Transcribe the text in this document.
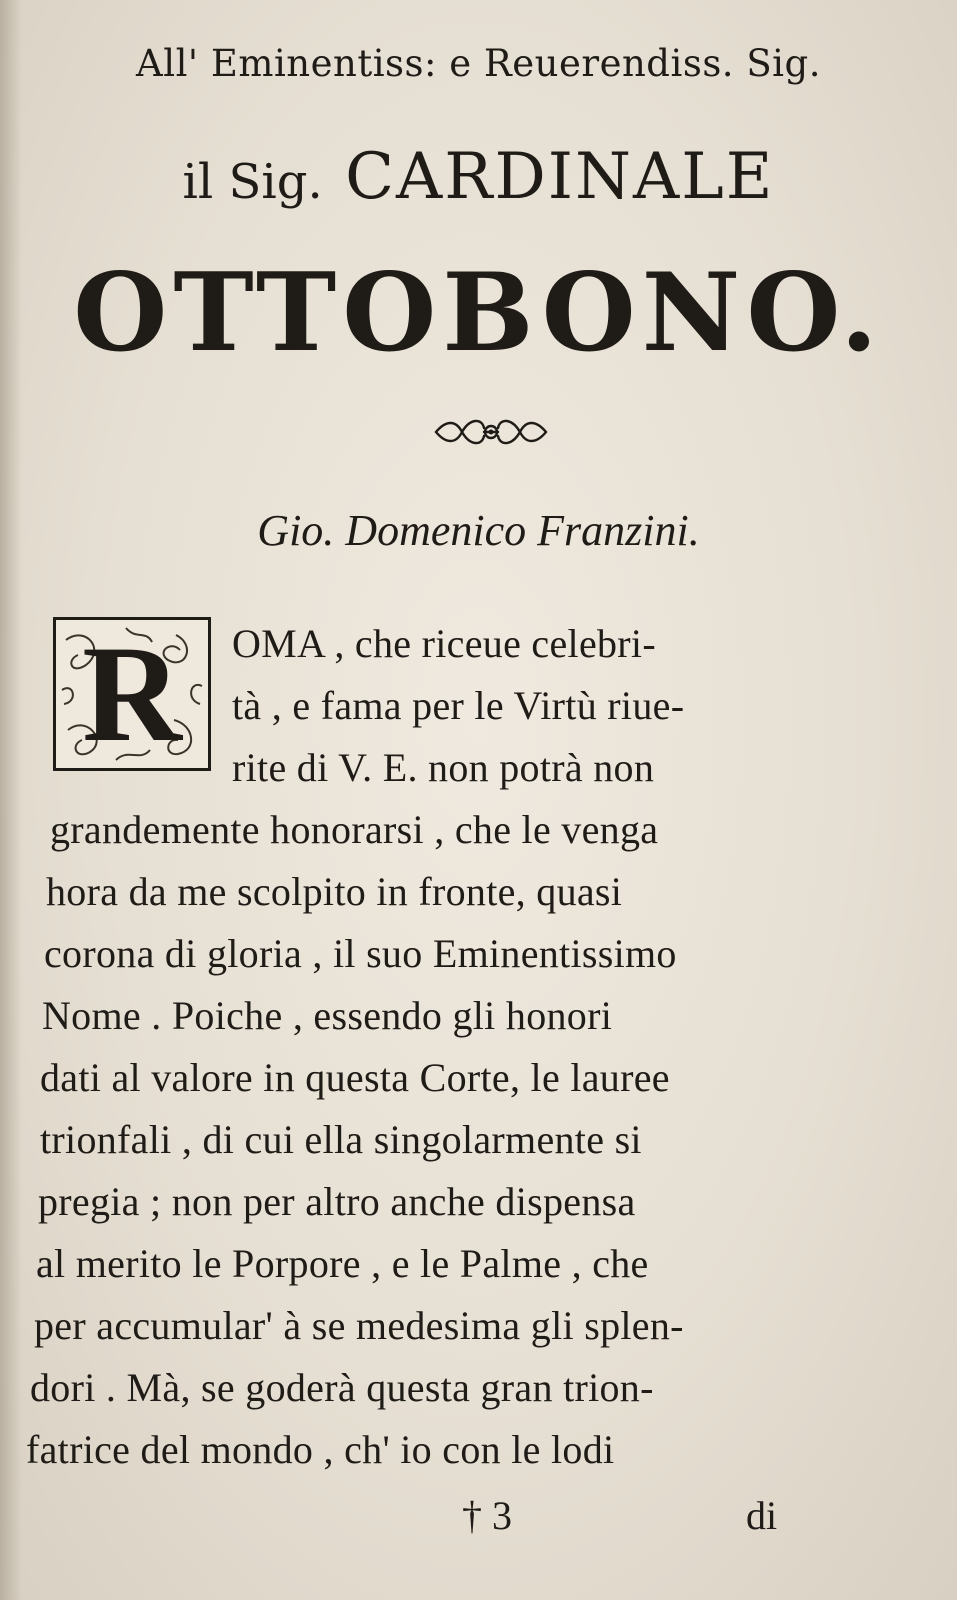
All' Eminentiss: e Reuerendiss. Sig.
il Sig. CARDINALE
OTTOBONO.
Gio. Domenico Franzini.
R OMA , che riceue celebri-
tà , e fama per le Virtù riue-
rite di V. E. non potrà non
grandemente honorarsi , che le venga
hora da me scolpito in fronte, quasi
corona di gloria , il suo Eminentissimo
Nome . Poiche , essendo gli honori
dati al valore in questa Corte, le lauree
trionfali , di cui ella singolarmente si
pregia ; non per altro anche dispensa
al merito le Porpore , e le Palme , che
per accumular' à se medesima gli splen-
dori . Mà, se goderà questa gran trion-
fatrice del mondo , ch' io con le lodi
† 3	di
